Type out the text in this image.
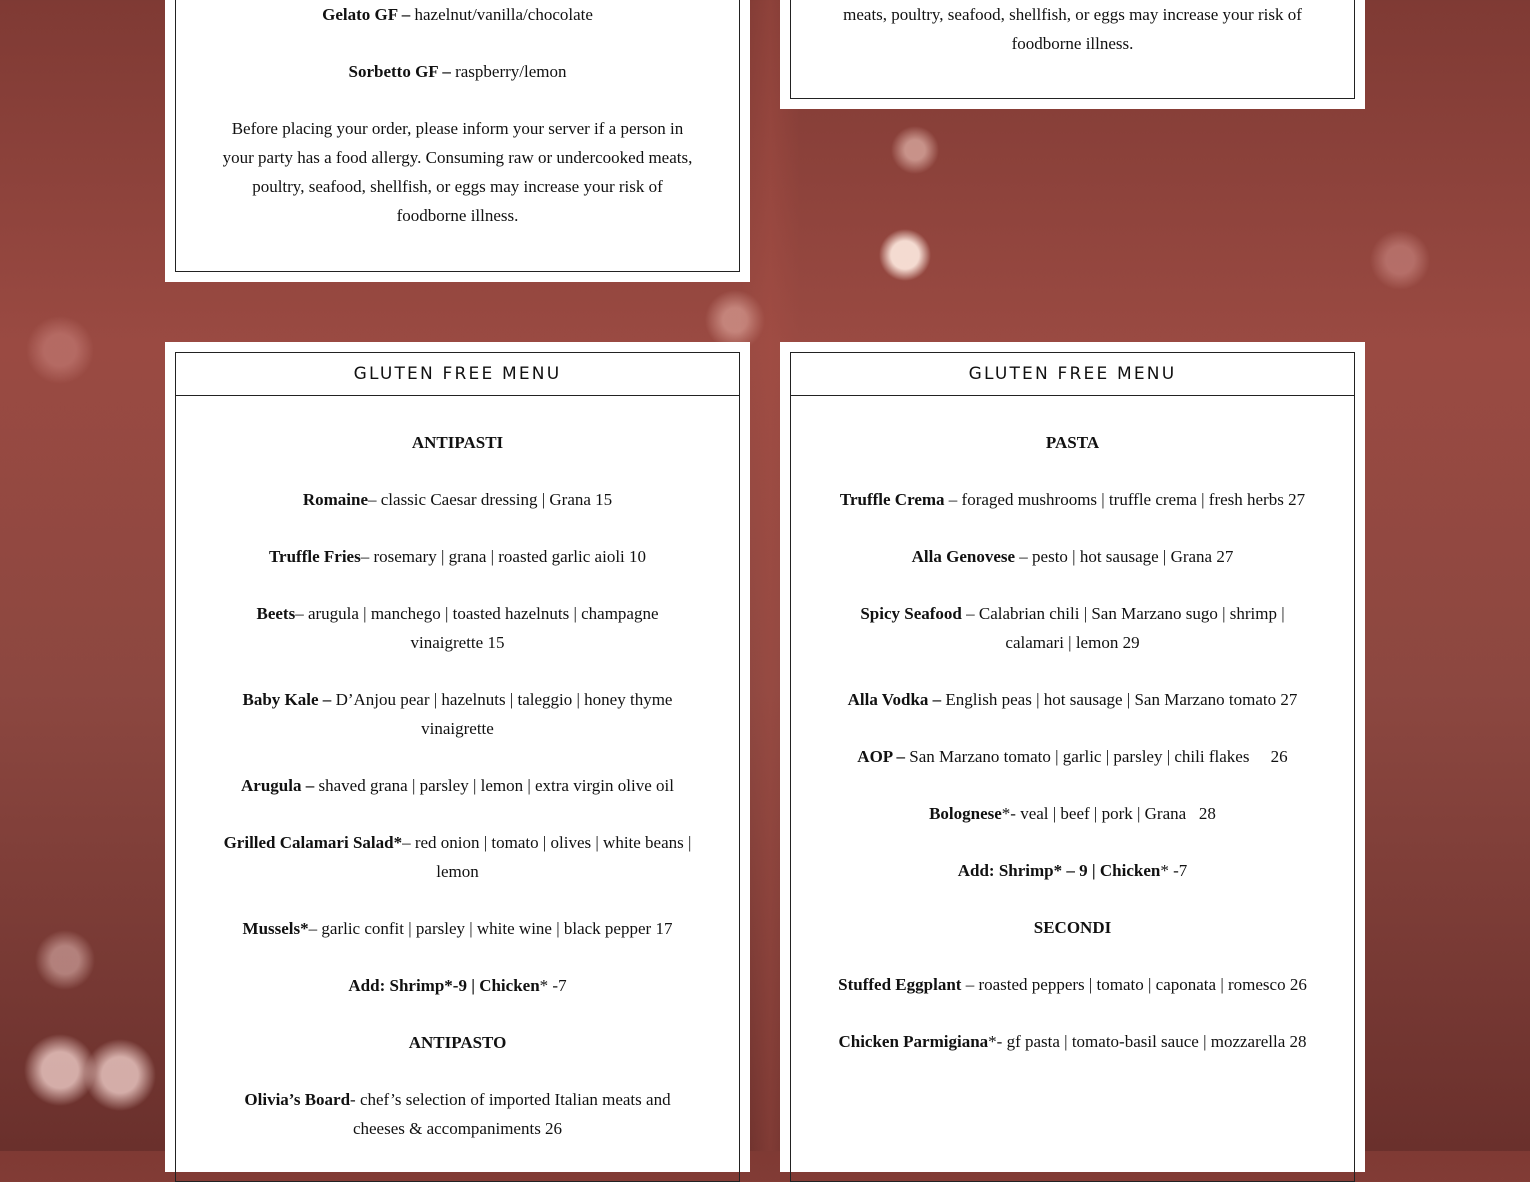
Gelato GF – hazelnut/vanilla/chocolate

Sorbetto GF – raspberry/lemon

Before placing your order, please inform your server if a person in your party has a food allergy. Consuming raw or undercooked meats, poultry, seafood, shellfish, or eggs may increase your risk of foodborne illness.

meats, poultry, seafood, shellfish, or eggs may increase your risk of foodborne illness.

GLUTEN FREE MENU

ANTIPASTI

Romaine– classic Caesar dressing | Grana 15

Truffle Fries– rosemary | grana | roasted garlic aioli 10

Beets– arugula | manchego | toasted hazelnuts | champagne vinaigrette 15

Baby Kale – D’Anjou pear | hazelnuts | taleggio | honey thyme vinaigrette

Arugula – shaved grana | parsley | lemon | extra virgin olive oil

Grilled Calamari Salad*– red onion | tomato | olives | white beans | lemon

Mussels*– garlic confit | parsley | white wine | black pepper 17

Add: Shrimp*-9 | Chicken* -7

ANTIPASTO

Olivia’s Board- chef’s selection of imported Italian meats and cheeses & accompaniments 26

GLUTEN FREE MENU

PASTA

Truffle Crema – foraged mushrooms | truffle crema | fresh herbs 27

Alla Genovese – pesto | hot sausage | Grana 27

Spicy Seafood – Calabrian chili | San Marzano sugo | shrimp | calamari | lemon 29

Alla Vodka – English peas | hot sausage | San Marzano tomato 27

AOP – San Marzano tomato | garlic | parsley | chili flakes     26

Bolognese*- veal | beef | pork | Grana   28

Add: Shrimp* – 9 | Chicken* -7

SECONDI

Stuffed Eggplant – roasted peppers | tomato | caponata | romesco 26

Chicken Parmigiana*- gf pasta | tomato-basil sauce | mozzarella 28
